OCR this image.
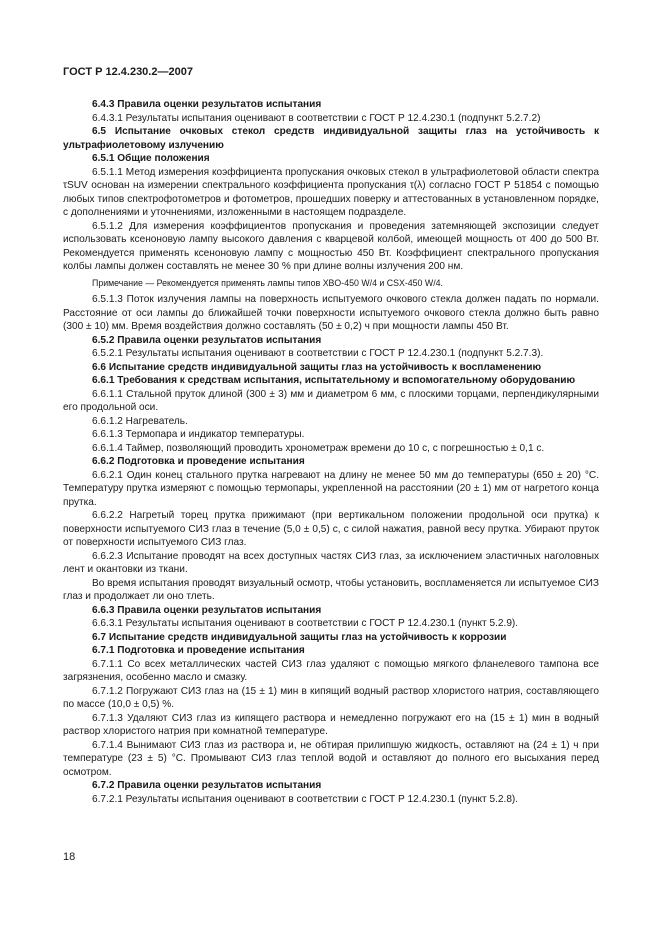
ГОСТ Р 12.4.230.2—2007

6.4.3 Правила оценки результатов испытания

6.4.3.1 Результаты испытания оценивают в соответствии с ГОСТ Р 12.4.230.1 (подпункт 5.2.7.2)

6.5 Испытание очковых стекол средств индивидуальной защиты глаз на устойчивость к ультрафиолетовому излучению

6.5.1 Общие положения

6.5.1.1 Метод измерения коэффициента пропускания очковых стекол в ультрафиолетовой области спектра τSUV основан на измерении спектрального коэффициента пропускания τ(λ) согласно ГОСТ Р 51854 с помощью любых типов спектрофотометров и фотометров, прошедших поверку и аттестованных в установленном порядке, с дополнениями и уточнениями, изложенными в настоящем подразделе.

6.5.1.2 Для измерения коэффициентов пропускания и проведения затемняющей экспозиции следует использовать ксеноновую лампу высокого давления с кварцевой колбой, имеющей мощность от 400 до 500 Вт. Рекомендуется применять ксеноновую лампу с мощностью 450 Вт. Коэффициент спектрального пропускания колбы лампы должен составлять не менее 30 % при длине волны излучения 200 нм.

Примечание — Рекомендуется применять лампы типов XBO-450 W/4 и CSX-450 W/4.

6.5.1.3 Поток излучения лампы на поверхность испытуемого очкового стекла должен падать по нормали. Расстояние от оси лампы до ближайшей точки поверхности испытуемого очкового стекла должно быть равно (300 ± 10) мм. Время воздействия должно составлять (50 ± 0,2) ч при мощности лампы 450 Вт.

6.5.2 Правила оценки результатов испытания

6.5.2.1 Результаты испытания оценивают в соответствии с ГОСТ Р 12.4.230.1 (подпункт 5.2.7.3).

6.6 Испытание средств индивидуальной защиты глаз на устойчивость к воспламенению

6.6.1 Требования к средствам испытания, испытательному и вспомогательному оборудованию

6.6.1.1 Стальной пруток длиной (300 ± 3) мм и диаметром 6 мм, с плоскими торцами, перпендикулярными его продольной оси.

6.6.1.2 Нагреватель.

6.6.1.3 Термопара и индикатор температуры.

6.6.1.4 Таймер, позволяющий проводить хронометраж времени до 10 с, с погрешностью ± 0,1 с.

6.6.2 Подготовка и проведение испытания

6.6.2.1 Один конец стального прутка нагревают на длину не менее 50 мм до температуры (650 ± 20) °С. Температуру прутка измеряют с помощью термопары, укрепленной на расстоянии (20 ± 1) мм от нагретого конца прутка.

6.6.2.2 Нагретый торец прутка прижимают (при вертикальном положении продольной оси прутка) к поверхности испытуемого СИЗ глаз в течение (5,0 ± 0,5) с, с силой нажатия, равной весу прутка. Убирают пруток от поверхности испытуемого СИЗ глаз.

6.6.2.3 Испытание проводят на всех доступных частях СИЗ глаз, за исключением эластичных наголовных лент и окантовки из ткани.

Во время испытания проводят визуальный осмотр, чтобы установить, воспламеняется ли испытуемое СИЗ глаз и продолжает ли оно тлеть.

6.6.3 Правила оценки результатов испытания

6.6.3.1 Результаты испытания оценивают в соответствии с ГОСТ Р 12.4.230.1 (пункт 5.2.9).

6.7 Испытание средств индивидуальной защиты глаз на устойчивость к коррозии

6.7.1 Подготовка и проведение испытания

6.7.1.1 Со всех металлических частей СИЗ глаз удаляют с помощью мягкого фланелевого тампона все загрязнения, особенно масло и смазку.

6.7.1.2 Погружают СИЗ глаз на (15 ± 1) мин в кипящий водный раствор хлористого натрия, составляющего по массе (10,0 ± 0,5) %.

6.7.1.3 Удаляют СИЗ глаз из кипящего раствора и немедленно погружают его на (15 ± 1) мин в водный раствор хлористого натрия при комнатной температуре.

6.7.1.4 Вынимают СИЗ глаз из раствора и, не обтирая прилипшую жидкость, оставляют на (24 ± 1) ч при температуре (23 ± 5) °С. Промывают СИЗ глаз теплой водой и оставляют до полного его высыхания перед осмотром.

6.7.2 Правила оценки результатов испытания

6.7.2.1 Результаты испытания оценивают в соответствии с ГОСТ Р 12.4.230.1 (пункт 5.2.8).

18
